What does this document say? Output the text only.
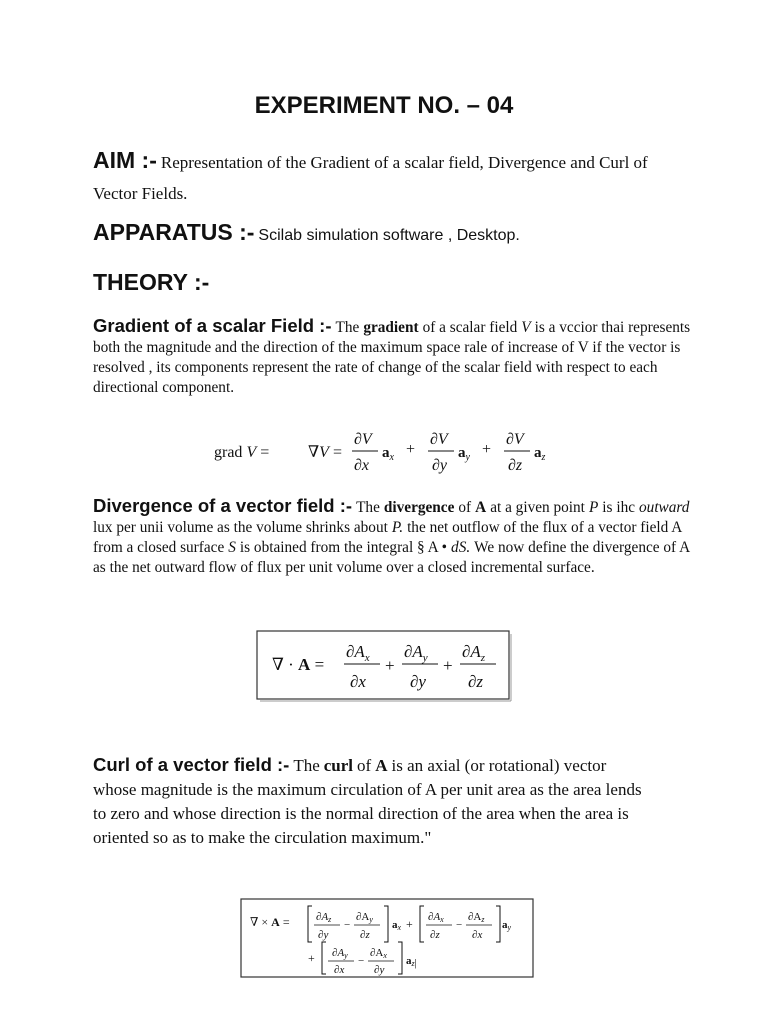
EXPERIMENT NO. – 04
AIM :- Representation of the Gradient of a scalar field, Divergence and Curl of Vector Fields.
APPARATUS :- Scilab simulation software , Desktop.
THEORY :-
Gradient of a scalar Field :- The gradient of a scalar field V is a vccior thai represents both the magnitude and the direction of the maximum space rale of increase of V if the vector is resolved , its components represent the rate of change of the scalar field with respect to each directional component.
grad V = ∇V =
∂V
∂x
$a_x$ +
∂V
∂y
$a_y$ +
∂V
∂z
$a_z$
Divergence of a vector field :- The divergence of A at a given point P is ihc outward lux per unii volume as the volume shrinks about P. the net outflow of the flux of a vector field A from a closed surface S is obtained from the integral § A • dS. We now define the divergence of A as the net outward flow of flux per unit volume over a closed incremental surface.
∇ · A =
$\partial A_x$
∂x
+
$\partial A_y$
∂y
+
$\partial A_z$
∂z
Curl of a vector field :- The curl of A is an axial (or rotational) vector whose magnitude is the maximum circulation of A per unit area as the area lends to zero and whose direction is the normal direction of the area when the area is oriented so as to make the circulation maximum."
∇ × A = ∂Az
∂y
−
∂Ay
∂z
ax + ∂Ax
∂z
−
∂Az
∂x
ay
+ ∂Ay
∂x
−
∂Ax
∂y
az|
